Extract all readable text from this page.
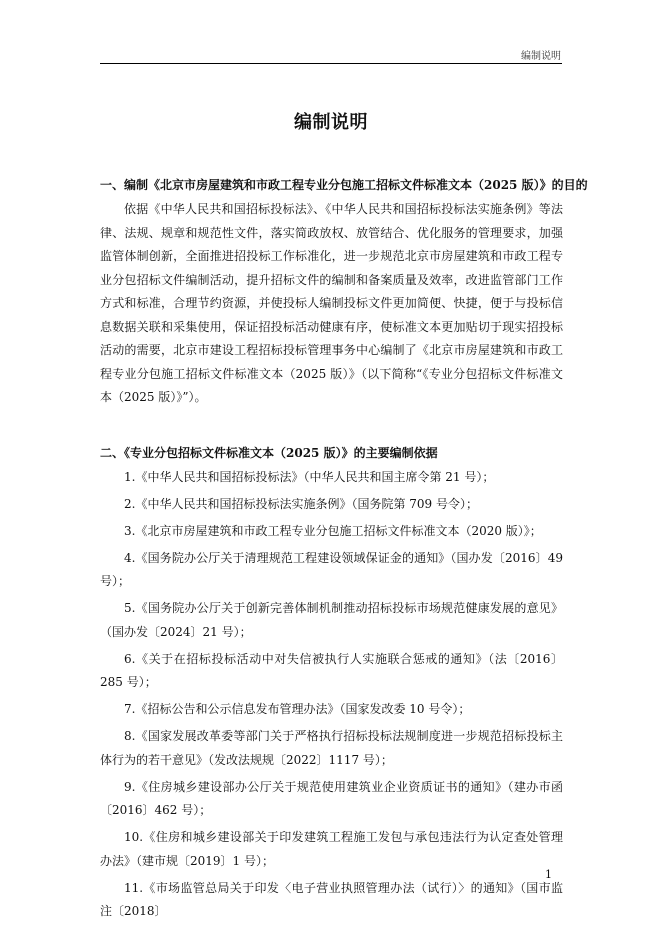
编制说明
编制说明
一、编制《北京市房屋建筑和市政工程专业分包施工招标文件标准文本（2025 版）》的目的

依据《中华人民共和国招标投标法》、《中华人民共和国招标投标法实施条例》等法律、法规、规章和规范性文件，落实简政放权、放管结合、优化服务的管理要求，加强监管体制创新，全面推进招投标工作标准化，进一步规范北京市房屋建筑和市政工程专业分包招标文件编制活动，提升招标文件的编制和备案质量及效率，改进监管部门工作方式和标准，合理节约资源，并使投标人编制投标文件更加简便、快捷，便于与投标信息数据关联和采集使用，保证招投标活动健康有序，使标准文本更加贴切于现实招投标活动的需要，北京市建设工程招标投标管理事务中心编制了《北京市房屋建筑和市政工程专业分包施工招标文件标准文本（2025 版）》（以下简称“《专业分包招标文件标准文本（2025 版）》”）。

二、《专业分包招标文件标准文本（2025 版）》的主要编制依据

1.《中华人民共和国招标投标法》（中华人民共和国主席令第 21 号）；

2.《中华人民共和国招标投标法实施条例》（国务院第 709 号令）；

3.《北京市房屋建筑和市政工程专业分包施工招标文件标准文本（2020 版）》；

4.《国务院办公厅关于清理规范工程建设领域保证金的通知》（国办发〔2016〕49 号）；

5.《国务院办公厅关于创新完善体制机制推动招标投标市场规范健康发展的意见》（国办发〔2024〕21 号）；

6.《关于在招标投标活动中对失信被执行人实施联合惩戒的通知》（法〔2016〕285 号）；

7.《招标公告和公示信息发布管理办法》（国家发改委 10 号令）；

8.《国家发展改革委等部门关于严格执行招标投标法规制度进一步规范招标投标主体行为的若干意见》（发改法规规〔2022〕1117 号）；

9.《住房城乡建设部办公厅关于规范使用建筑业企业资质证书的通知》（建办市函〔2016〕462 号）；

10.《住房和城乡建设部关于印发建筑工程施工发包与承包违法行为认定查处管理办法》（建市规〔2019〕1 号）；

11.《市场监管总局关于印发〈电子营业执照管理办法（试行）〉的通知》（国市监注〔2018〕

1
